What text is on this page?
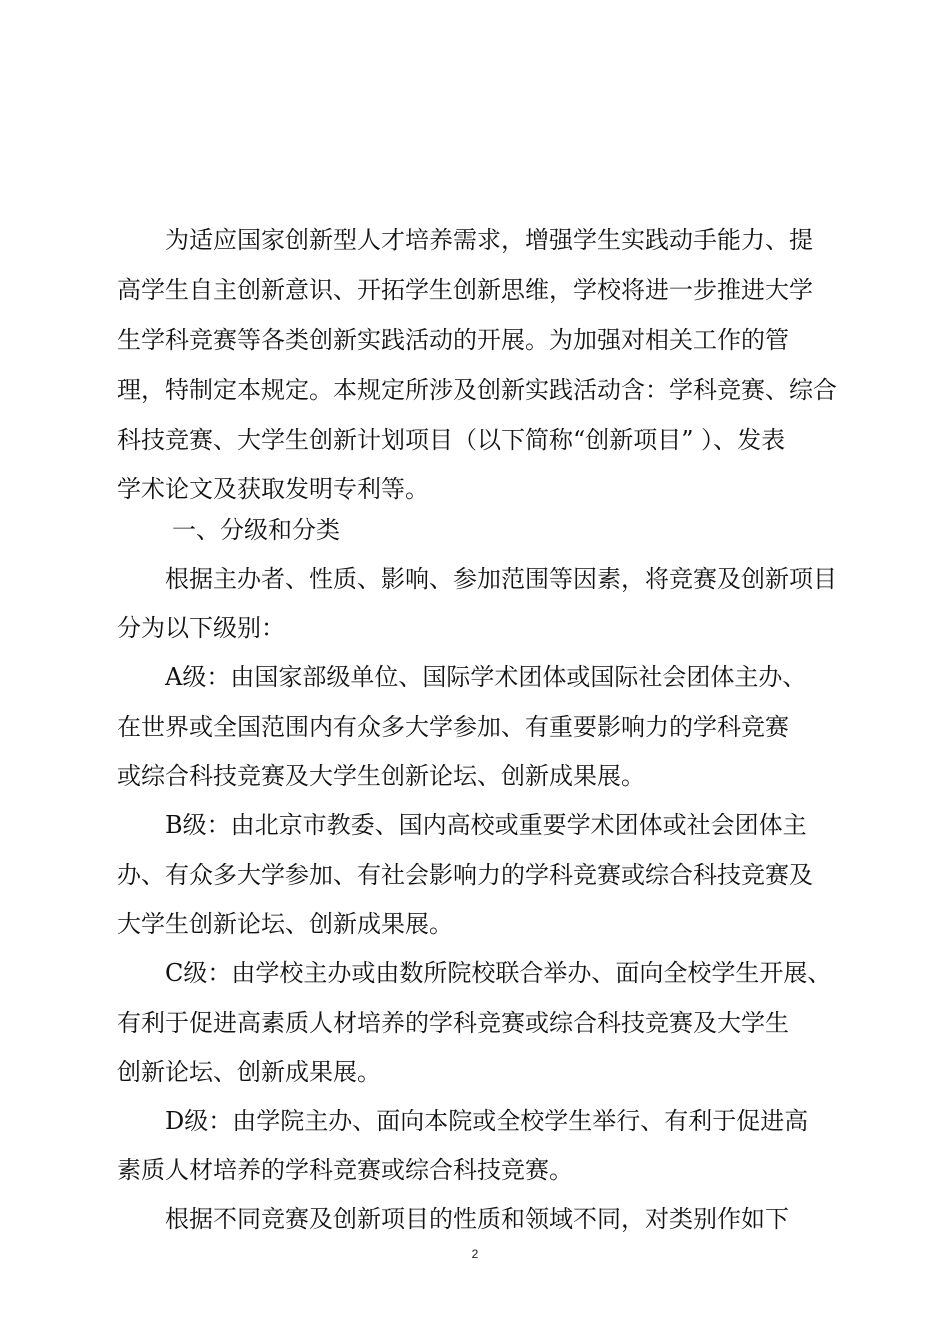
为适应国家创新型人才培养需求，增强学生实践动手能力、提
高学生自主创新意识、开拓学生创新思维，学校将进一步推进大学
生学科竞赛等各类创新实践活动的开展。为加强对相关工作的管
理，特制定本规定。本规定所涉及创新实践活动含：学科竞赛、综合
科技竞赛、大学生创新计划项目（以下简称“创新项目” ）、发表
学术论文及获取发明专利等。
一、分级和分类
根据主办者、性质、影响、参加范围等因素，将竞赛及创新项目
分为以下级别：
A级：由国家部级单位、国际学术团体或国际社会团体主办、
在世界或全国范围内有众多大学参加、有重要影响力的学科竞赛
或综合科技竞赛及大学生创新论坛、创新成果展。
B级：由北京市教委、国内高校或重要学术团体或社会团体主
办、有众多大学参加、有社会影响力的学科竞赛或综合科技竞赛及
大学生创新论坛、创新成果展。
C级：由学校主办或由数所院校联合举办、面向全校学生开展、
有利于促进高素质人材培养的学科竞赛或综合科技竞赛及大学生
创新论坛、创新成果展。
D级：由学院主办、面向本院或全校学生举行、有利于促进高
素质人材培养的学科竞赛或综合科技竞赛。
根据不同竞赛及创新项目的性质和领域不同，对类别作如下
2
